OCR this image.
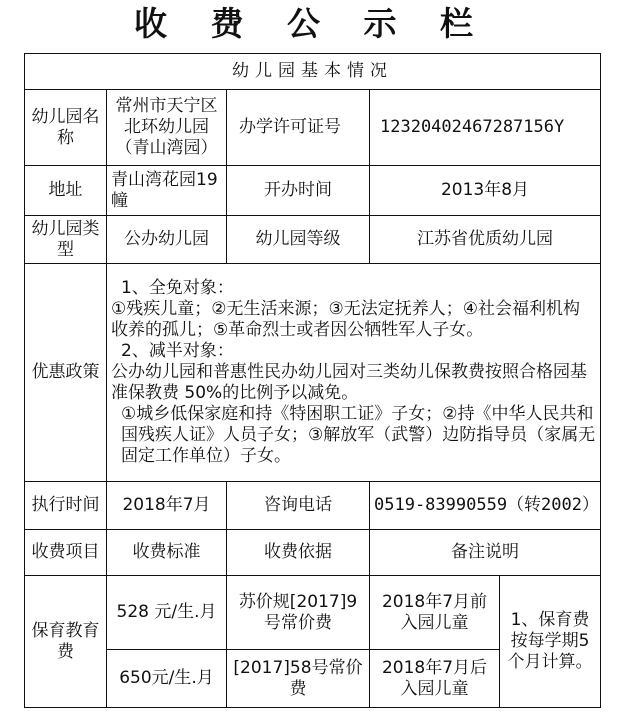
收 费 公 示 栏
幼儿园基本情况				
幼儿园名称	常州市天宁区北环幼儿园（青山湾园）	办学许可证号	12320402467287156Y	
地址	青山湾花园19幢	开办时间	2013年8月	
幼儿园类型	公办幼儿园	幼儿园等级	江苏省优质幼儿园	
优惠政策	1、全免对象：
①残疾儿童；②无生活来源；③无法定抚养人；④社会福利机构收养的孤儿；⑤革命烈士或者因公牺牲军人子女。
2、减半对象：
公办幼儿园和普惠性民办幼儿园对三类幼儿保教费按照合格园基准保教费 50%的比例予以减免。
①城乡低保家庭和持《特困职工证》子女；②持《中华人民共和国残疾人证》人员子女；③解放军（武警）边防指导员（家属无固定工作单位）子女。			

执行时间	2018年7月	咨询电话	0519-83990559（转2002）	
收费项目	收费标准	收费依据	备注说明	
保育教育费	528 元/生.月	苏价规[2017]9号常价费	2018年7月前入园儿童	1、保育费按每学期5个月计算。
	650元/生.月	[2017]58号常价费	2018年7月后入园儿童	
